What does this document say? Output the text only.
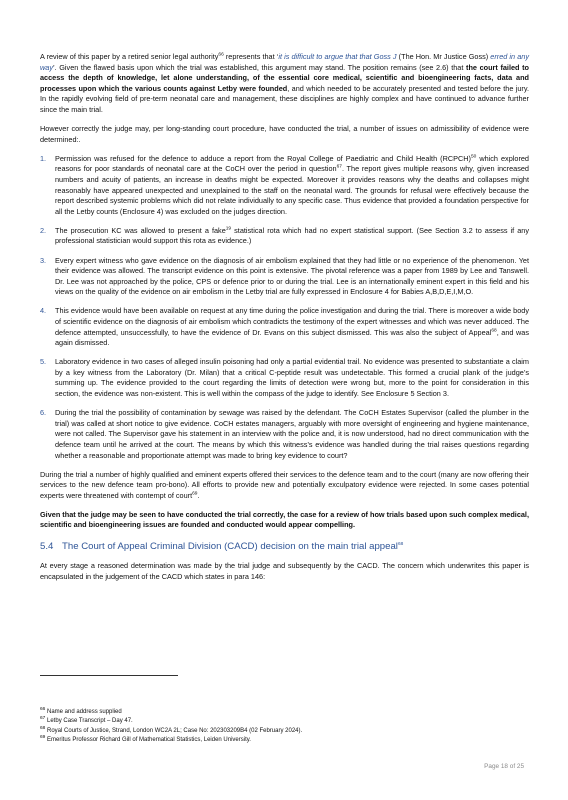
A review of this paper by a retired senior legal authority$^{66}$ represents that ‘it is difficult to argue that that Goss J (The Hon. Mr Justice Goss) erred in any way’. Given the flawed basis upon which the trial was established, this argument may stand. The position remains (see 2.6) that the court failed to access the depth of knowledge, let alone understanding, of the essential core medical, scientific and bioengineering facts, data and processes upon which the various counts against Letby were founded, and which needed to be accurately presented and tested before the jury. In the rapidly evolving field of pre-term neonatal care and management, these disciplines are highly complex and have continued to advance further since the main trial.

However correctly the judge may, per long-standing court procedure, have conducted the trial, a number of issues on admissibility of evidence were determined:.

1. Permission was refused for the defence to adduce a report from the Royal College of Paediatric and Child Health (RCPCH)$^{50}$ which explored reasons for poor standards of neonatal care at the CoCH over the period in question$^{67}$. The report gives multiple reasons why, given increased numbers and acuity of patients, an increase in deaths might be expected. Moreover it provides reasons why the deaths and collapses might reasonably have appeared unexpected and unexplained to the staff on the neonatal ward. The grounds for refusal were effectively because the report described systemic problems which did not relate individually to any specific case. Thus evidence that provided a foundation perspective for all the Letby counts (Enclosure 4) was excluded on the judges direction.

2. The prosecution KC was allowed to present a fake$^{19}$ statistical rota which had no expert statistical support. (See Section 3.2 to assess if any professional statistician would support this rota as evidence.)

3. Every expert witness who gave evidence on the diagnosis of air embolism explained that they had little or no experience of the phenomenon. Yet their evidence was allowed. The transcript evidence on this point is extensive. The pivotal reference was a paper from 1989 by Lee and Tanswell. Dr. Lee was not approached by the police, CPS or defence prior to or during the trial. Lee is an internationally eminent expert in this field and his views on the quality of the evidence on air embolism in the Letby trial are fully expressed in Enclosure 4 for Babies A,B,D,E,I,M,O.

4. This evidence would have been available on request at any time during the police investigation and during the trial. There is moreover a wide body of scientific evidence on the diagnosis of air embolism which contradicts the testimony of the expert witnesses and which was never adduced. The defence attempted, unsuccessfully, to have the evidence of Dr. Evans on this subject dismissed. This was also the subject of Appeal$^{68}$, and was again dismissed.

5. Laboratory evidence in two cases of alleged insulin poisoning had only a partial evidential trail. No evidence was presented to substantiate a claim by a key witness from the Laboratory (Dr. Milan) that a critical C-peptide result was undetectable. This formed a crucial plank of the judge’s summing up. The evidence provided to the court regarding the limits of detection were wrong but, more to the point for consideration in this section, the evidence was non-existent. This is well within the compass of the judge to identify. See Enclosure 5 Section 3.

6. During the trial the possibility of contamination by sewage was raised by the defendant. The CoCH Estates Supervisor (called the plumber in the trial) was called at short notice to give evidence. CoCH estates managers, arguably with more oversight of engineering and hygiene maintenance, were not called. The Supervisor gave his statement in an interview with the police and, it is now understood, had no direct communication with the defence team until he arrived at the court. The means by which this witness’s evidence was handled during the trial raises questions regarding whether a reasonable and proportionate attempt was made to bring key evidence to court?

During the trial a number of highly qualified and eminent experts offered their services to the defence team and to the court (many are now offering their services to the new defence team pro-bono). All efforts to provide new and potentially exculpatory evidence were rejected. In some cases potential experts were threatened with contempt of court$^{69}$.

Given that the judge may be seen to have conducted the trial correctly, the case for a review of how trials based upon such complex medical, scientific and bioengineering issues are founded and conducted would appear compelling.

5.4 The Court of Appeal Criminal Division (CACD) decision on the main trial appeal$^{68}$

At every stage a reasoned determination was made by the trial judge and subsequently by the CACD. The concern which underwrites this paper is encapsulated in the judgement of the CACD which states in para 146:

$^{66}$ Name and address supplied
$^{67}$ Letby Case Transcript – Day 47.
$^{68}$ Royal Courts of Justice, Strand, London WC2A 2L; Case No: 202303209B4 (02 February 2024).
$^{69}$ Emeritus Professor Richard Gill of Mathematical Statistics, Leiden University.
Page 18 of 25
